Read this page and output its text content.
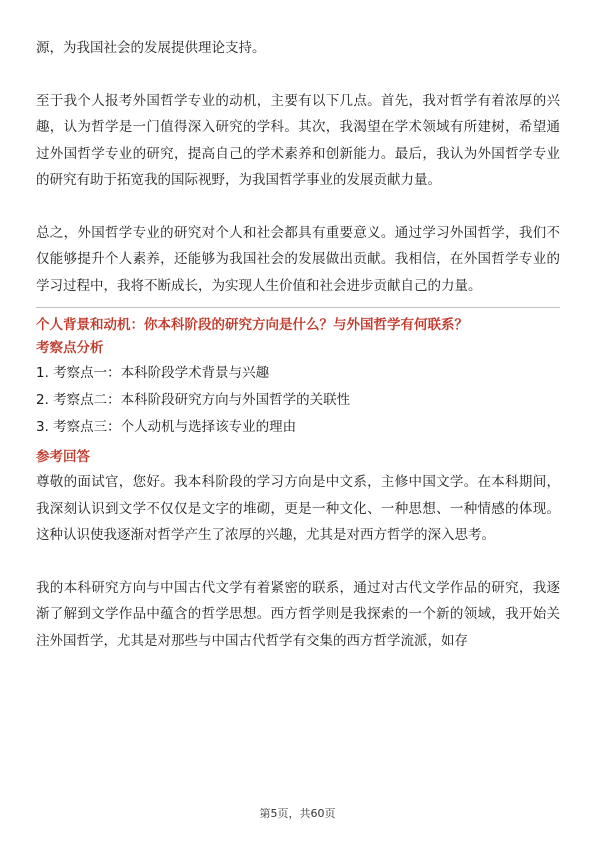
源，为我国社会的发展提供理论支持。

至于我个人报考外国哲学专业的动机，主要有以下几点。首先，我对哲学有着浓厚的兴趣，认为哲学是一门值得深入研究的学科。其次，我渴望在学术领域有所建树，希望通过外国哲学专业的研究，提高自己的学术素养和创新能力。最后，我认为外国哲学专业的研究有助于拓宽我的国际视野，为我国哲学事业的发展贡献力量。

总之，外国哲学专业的研究对个人和社会都具有重要意义。通过学习外国哲学，我们不仅能够提升个人素养，还能够为我国社会的发展做出贡献。我相信，在外国哲学专业的学习过程中，我将不断成长，为实现人生价值和社会进步贡献自己的力量。

个人背景和动机：你本科阶段的研究方向是什么？与外国哲学有何联系？

考察点分析

1. 考察点一：本科阶段学术背景与兴趣
2. 考察点二：本科阶段研究方向与外国哲学的关联性
3. 考察点三：个人动机与选择该专业的理由

参考回答

尊敬的面试官，您好。我本科阶段的学习方向是中文系，主修中国文学。在本科期间，我深刻认识到文学不仅仅是文字的堆砌，更是一种文化、一种思想、一种情感的体现。这种认识使我逐渐对哲学产生了浓厚的兴趣，尤其是对西方哲学的深入思考。

我的本科研究方向与中国古代文学有着紧密的联系，通过对古代文学作品的研究，我逐渐了解到文学作品中蕴含的哲学思想。西方哲学则是我探索的一个新的领域，我开始关注外国哲学，尤其是对那些与中国古代哲学有交集的西方哲学流派，如存

第5页，共60页
